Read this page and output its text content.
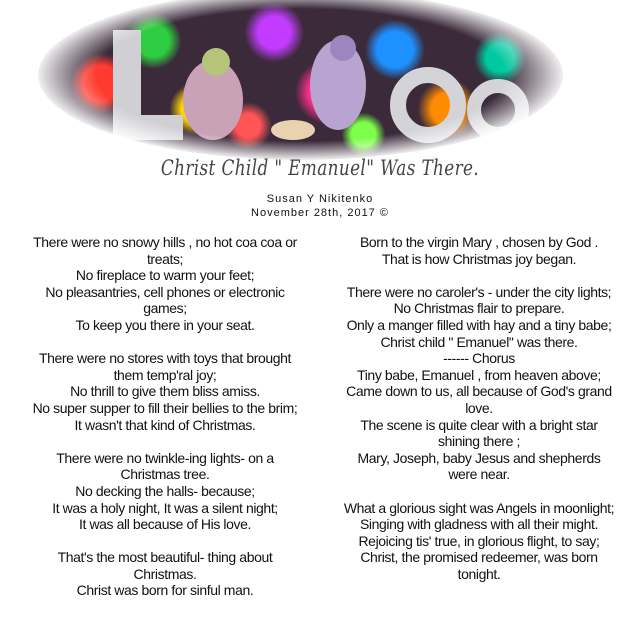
Christ Child " Emanuel" Was There.
Susan Y Nikitenko
November 28th, 2017 ©
There were no snowy hills , no hot coa coa or
treats;
No fireplace to warm your feet;
No pleasantries, cell phones or electronic
games;
To keep you there in your seat.
There were no stores with toys that brought
them temp'ral joy;
No thrill to give them bliss amiss.
No super supper to fill their bellies to the brim;
It wasn't that kind of Christmas.
There were no twinkle-ing lights- on a
Christmas tree.
No decking the halls- because;
It was a holy night, It was a silent night;
It was all because of His love.
That's the most beautiful- thing about
Christmas.
Christ was born for sinful man.
Born to the virgin Mary , chosen by God .
That is how Christmas joy began.
There were no caroler's - under the city lights;
No Christmas flair to prepare.
Only a manger filled with hay and a tiny babe;
Christ child " Emanuel" was there.
------ Chorus
Tiny babe, Emanuel , from heaven above;
Came down to us, all because of God's grand
love.
The scene is quite clear with a bright star
shining there ;
Mary, Joseph, baby Jesus and shepherds
were near.
What a glorious sight was Angels in moonlight;
Singing with gladness with all their might.
Rejoicing tis' true, in glorious flight, to say;
Christ, the promised redeemer, was born
tonight.
